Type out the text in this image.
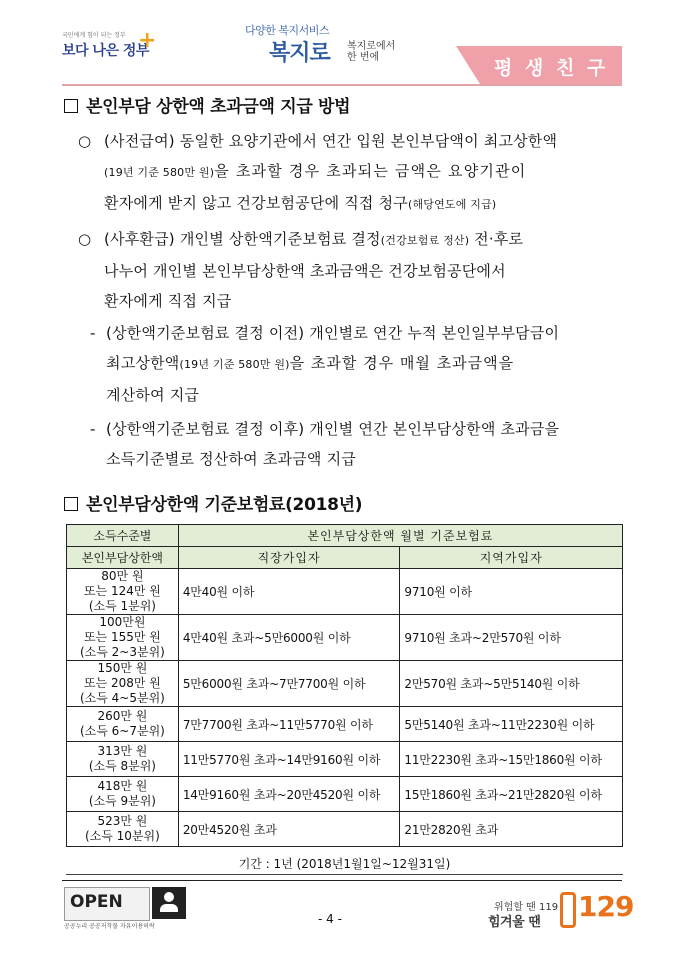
국민에게 힘이 되는 정부
보다 나은 정부
+	다양한 복지서비스
복지로 복지로에서 한 번에	평 생 친 구
본인부담 상한액 초과금액 지급 방법
○ (사전급여) 동일한 요양기관에서 연간 입원 본인부담액이 최고상한액
(19년 기준 580만 원)을 초과할 경우 초과되는 금액은 요양기관이
환자에게 받지 않고 건강보험공단에 직접 청구(해당연도에 지급)
○ (사후환급) 개인별 상한액기준보험료 결정(건강보험료 정산) 전·후로
나누어 개인별 본인부담상한액 초과금액은 건강보험공단에서
환자에게 직접 지급
- (상한액기준보험료 결정 이전) 개인별로 연간 누적 본인일부부담금이
최고상한액(19년 기준 580만 원)을 초과할 경우 매월 초과금액을
계산하여 지급
- (상한액기준보험료 결정 이후) 개인별 연간 본인부담상한액 초과금을
소득기준별로 정산하여 초과금액 지급
본인부담상한액 기준보험료(2018년)
소득수준별	본인부담상한액 월별 기준보험료	
본인부담상한액	직장가입자	지역가입자

80만 원
또는 124만 원
(소득 1분위)	4만40원 이하	9710원 이하

100만원
또는 155만 원
(소득 2~3분위)	4만40원 초과~5만6000원 이하	9710원 초과~2만570원 이하

150만 원
또는 208만 원
(소득 4~5분위)	5만6000원 초과~7만7700원 이하	2만570원 초과~5만5140원 이하

260만 원
(소득 6~7분위)	7만7700원 초과~11만5770원 이하	5만5140원 초과~11만2230원 이하

313만 원
(소득 8분위)	11만5770원 초과~14만9160원 이하	11만2230원 초과~15만1860원 이하

418만 원
(소득 9분위)	14만9160원 초과~20만4520원 이하	15만1860원 초과~21만2820원 이하

523만 원
(소득 10분위)	20만4520원 초과	21만2820원 초과
기간 : 1년 (2018년1월1일~12월31일)
OPEN
공공누리 공공저작물 자유이용허락
- 4 -
위험할 땐 119
힘겨울 땐 129
